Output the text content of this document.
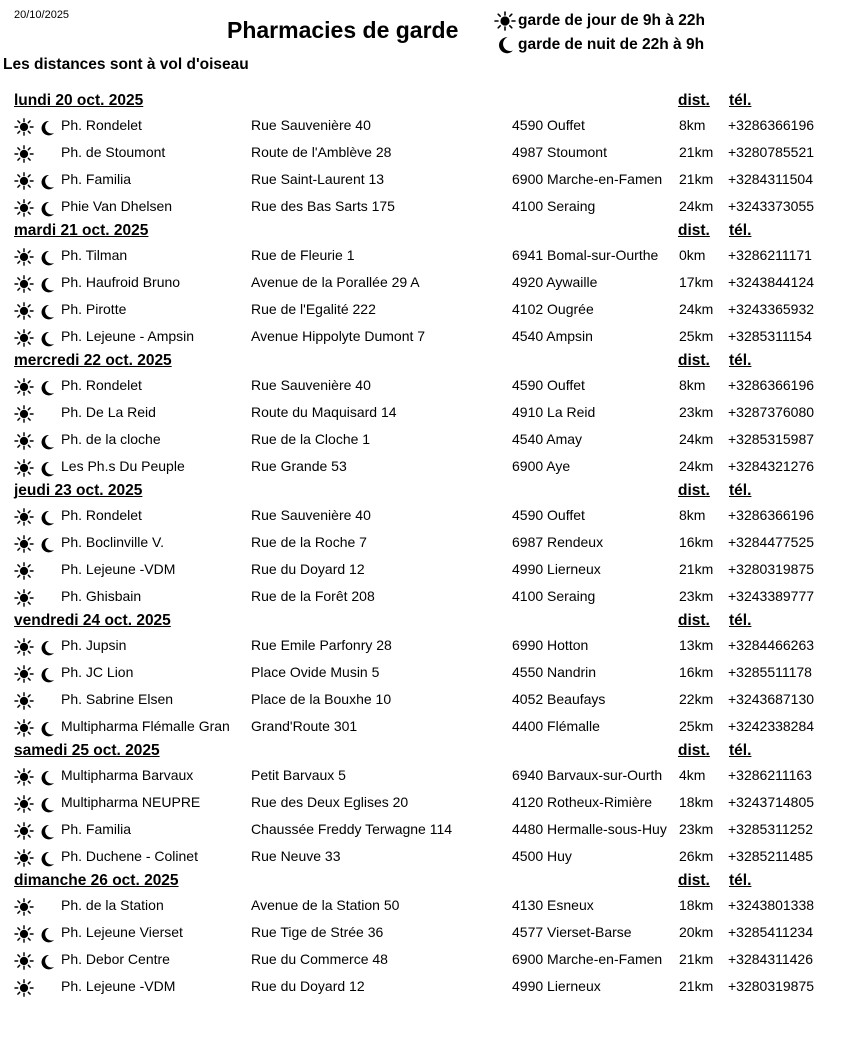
20/10/2025
Pharmacies de garde	garde de jour de 9h à 22h
garde de nuit de 22h à 9h
Les distances sont à vol d'oiseau
lundi 20 oct. 2025	dist. tél.
Ph. Rondelet	Rue Sauvenière 40	4590 Ouffet	8km +3286366196
Ph. de Stoumont	Route de l'Amblève 28	4987 Stoumont	21km +3280785521
Ph. Familia	Rue Saint-Laurent 13	6900 Marche-en-Famen 21km +3284311504
Phie Van Dhelsen	Rue des Bas Sarts 175	4100 Seraing	24km +3243373055
mardi 21 oct. 2025	dist. tél.
Ph. Tilman	Rue de Fleurie 1	6941 Bomal-sur-Ourthe 0km +3286211171
Ph. Haufroid Bruno	Avenue de la Porallée 29 A	4920 Aywaille	17km +3243844124
Ph. Pirotte	Rue de l'Egalité 222	4102 Ougrée	24km +3243365932
Ph. Lejeune - Ampsin	Avenue Hippolyte Dumont 7	4540 Ampsin	25km +3285311154
mercredi 22 oct. 2025	dist. tél.
Ph. Rondelet	Rue Sauvenière 40	4590 Ouffet	8km +3286366196
Ph. De La Reid	Route du Maquisard 14	4910 La Reid	23km +3287376080
Ph. de la cloche	Rue de la Cloche 1	4540 Amay	24km +3285315987
Les Ph.s Du Peuple	Rue Grande 53	6900 Aye	24km +3284321276
jeudi 23 oct. 2025	dist. tél.
Ph. Rondelet	Rue Sauvenière 40	4590 Ouffet	8km +3286366196
Ph. Boclinville V.	Rue de la Roche 7	6987 Rendeux	16km +3284477525
Ph. Lejeune -VDM	Rue du Doyard 12	4990 Lierneux	21km +3280319875
Ph. Ghisbain	Rue de la Forêt 208	4100 Seraing	23km +3243389777
vendredi 24 oct. 2025	dist. tél.
Ph. Jupsin	Rue Emile Parfonry 28	6990 Hotton	13km +3284466263
Ph. JC Lion	Place Ovide Musin 5	4550 Nandrin	16km +3285511178
Ph. Sabrine Elsen	Place de la Bouxhe 10	4052 Beaufays	22km +3243687130
Multipharma Flémalle Gran Grand'Route 301	4400 Flémalle	25km +3242338284
samedi 25 oct. 2025	dist. tél.
Multipharma Barvaux	Petit Barvaux 5	6940 Barvaux-sur-Ourth 4km +3286211163
Multipharma NEUPRE	Rue des Deux Eglises 20	4120 Rotheux-Rimière 18km +3243714805
Ph. Familia	Chaussée Freddy Terwagne 114	4480 Hermalle-sous-Huy 23km +3285311252
Ph. Duchene - Colinet	Rue Neuve 33	4500 Huy	26km +3285211485
dimanche 26 oct. 2025	dist. tél.
Ph. de la Station	Avenue de la Station 50	4130 Esneux	18km +3243801338
Ph. Lejeune Vierset	Rue Tige de Strée 36	4577 Vierset-Barse	20km +3285411234
Ph. Debor Centre	Rue du Commerce 48	6900 Marche-en-Famen 21km +3284311426
Ph. Lejeune -VDM	Rue du Doyard 12	4990 Lierneux	21km +3280319875
